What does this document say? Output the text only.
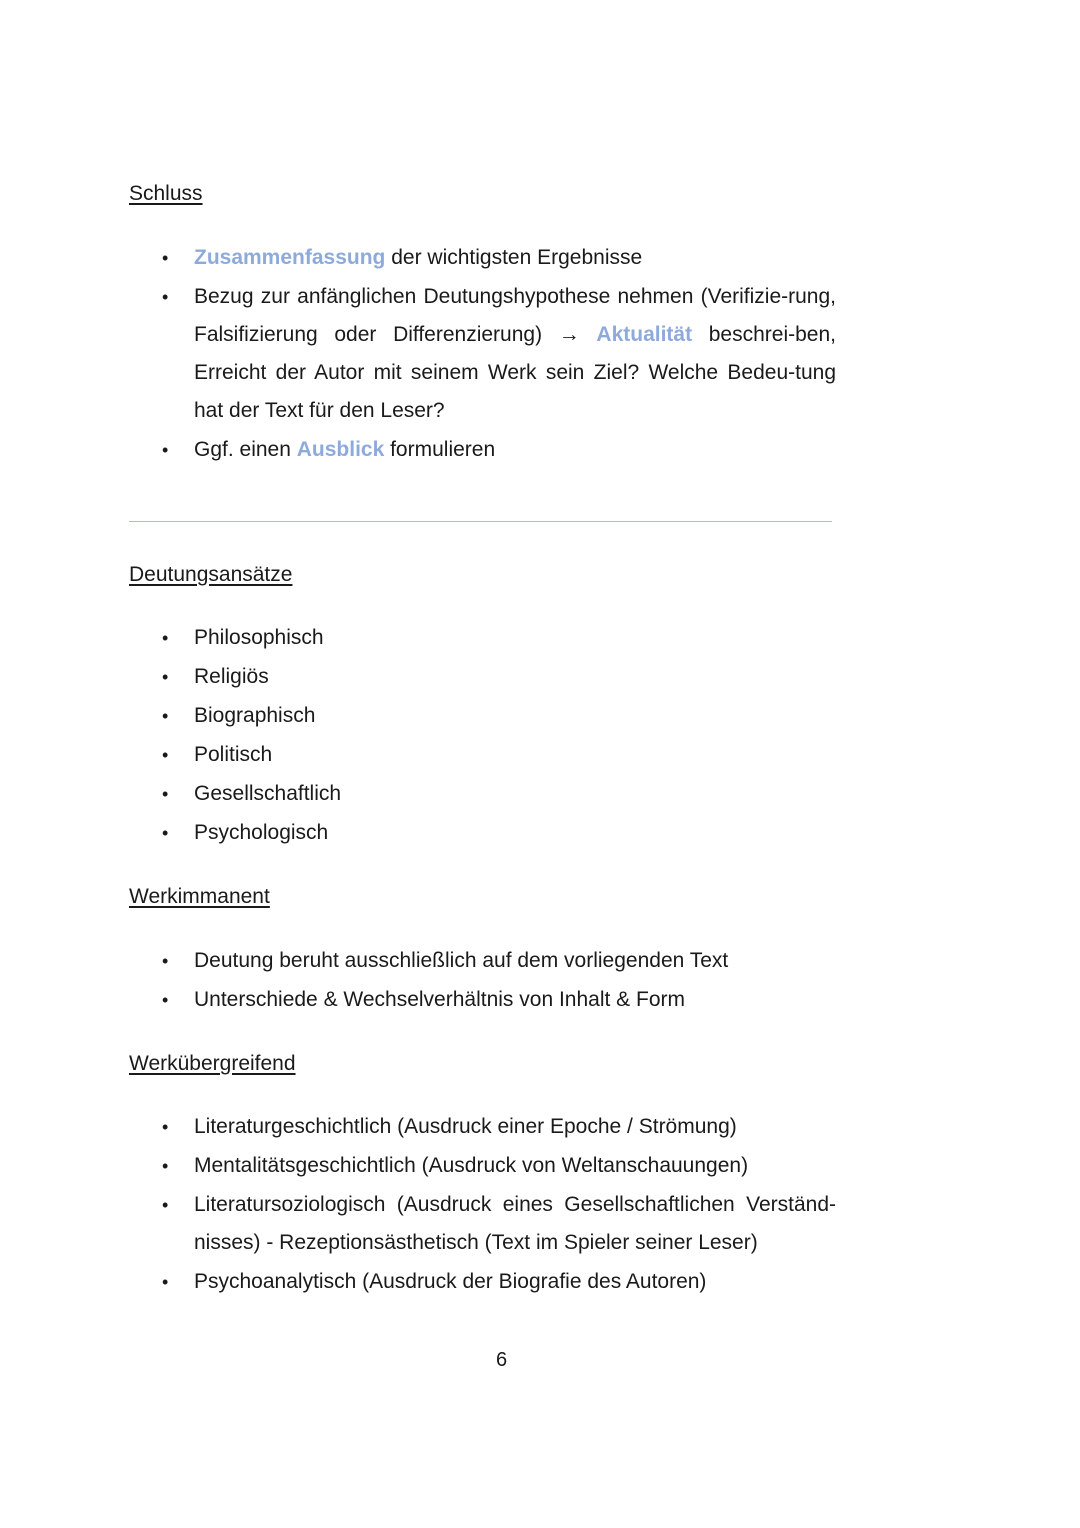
Schluss
• Zusammenfassung der wichtigsten Ergebnisse
• Bezug zur anfänglichen Deutungshypothese nehmen (Verifizie-rung, Falsifizierung oder Differenzierung) → Aktualität beschrei-ben, Erreicht der Autor mit seinem Werk sein Ziel? Welche Bedeu-tung hat der Text für den Leser?
• Ggf. einen Ausblick formulieren
Deutungsansätze
• Philosophisch
• Religiös
• Biographisch
• Politisch
• Gesellschaftlich
• Psychologisch
Werkimmanent
• Deutung beruht ausschließlich auf dem vorliegenden Text
• Unterschiede & Wechselverhältnis von Inhalt & Form
Werkübergreifend
• Literaturgeschichtlich (Ausdruck einer Epoche / Strömung)
• Mentalitätsgeschichtlich (Ausdruck von Weltanschauungen)
• Literatursoziologisch (Ausdruck eines Gesellschaftlichen Verständ-nisses) - Rezeptionsästhetisch (Text im Spieler seiner Leser)
• Psychoanalytisch (Ausdruck der Biografie des Autoren)
6
